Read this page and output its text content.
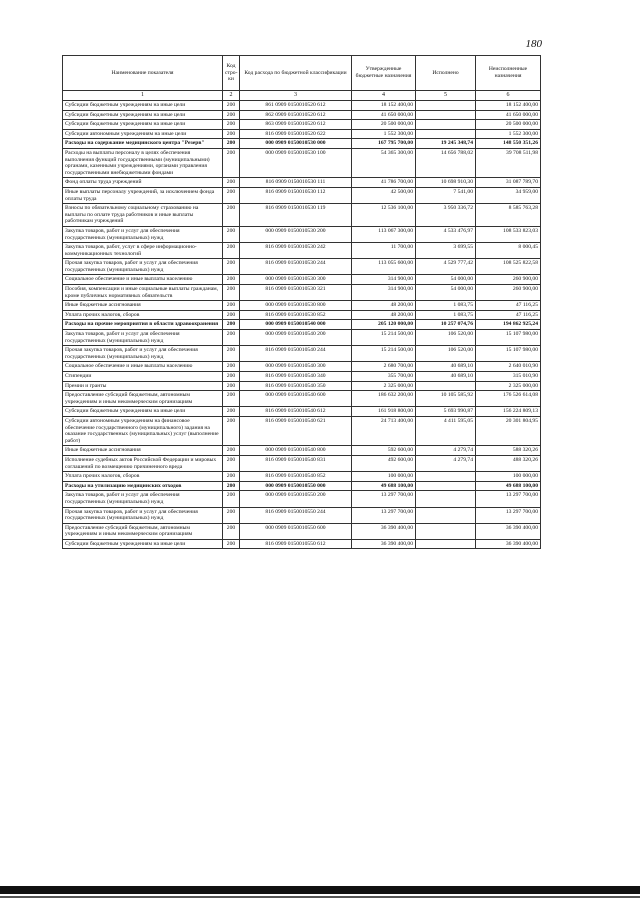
180
Наименование показателя	Код стро-ки	Код расхода по бюджетной классификации	Утвержденные бюджетные назначения	Исполнено	Неисполненные назначения
1	2	3	4	5	6
Субсидии бюджетным учреждениям на иные цели	200	861 0909 0150010520 612	18 152 400,00		18 152 400,00
Субсидии бюджетным учреждениям на иные цели	200	862 0909 0150010520 612	41 650 000,00		41 650 000,00
Субсидии бюджетным учреждениям на иные цели	200	863 0909 0150010520 612	20 500 000,00		20 500 000,00
Субсидии автономным учреждениям на иные цели	200	816 0909 0150010520 622	1 552 300,00		1 552 300,00
Расходы на содержание медицинского центра "Резерв"	200	000 0909 0150010530 000	167 795 700,00	19 245 348,74	148 550 351,26
Расходы на выплаты персоналу в целях обеспечения выполнения функций государственными (муниципальными) органами, казенными учреждениями, органами управления государственными внебюджетными фондами	200	000 0909 0150010530 100	54 365 300,00	14 656 788,02	39 708 511,98
Фонд оплаты труда учреждений	200	816 0909 0150010530 111	41 786 700,00	10 698 910,30	31 087 789,70
Иные выплаты персоналу учреждений, за исключением фонда оплаты труда	200	816 0909 0150010530 112	42 500,00	7 541,00	34 959,00
Взносы по обязательному социальному страхованию на выплаты по оплате труда работников и иные выплаты работникам учреждений	200	816 0909 0150010530 119	12 536 100,00	3 950 336,72	8 585 763,28
Закупка товаров, работ и услуг для обеспечения государственных (муниципальных) нужд	200	000 0909 0150010530 200	113 067 300,00	4 533 476,97	108 533 823,03
Закупка товаров, работ, услуг в сфере информационно-коммуникационных технологий	200	816 0909 0150010530 242	11 700,00	3 699,55	8 000,45
Прочая закупка товаров, работ и услуг для обеспечения государственных (муниципальных) нужд	200	816 0909 0150010530 244	113 055 600,00	4 529 777,42	108 525 822,58
Социальное обеспечение и иные выплаты населению	200	000 0909 0150010530 300	314 900,00	54 000,00	260 900,00
Пособия, компенсации и иные социальные выплаты гражданам, кроме публичных нормативных обязательств	200	816 0909 0150010530 321	314 900,00	54 000,00	260 900,00
Иные бюджетные ассигнования	200	000 0909 0150010530 800	48 200,00	1 083,75	47 116,25
Уплата прочих налогов, сборов	200	816 0909 0150010530 852	48 200,00	1 083,75	47 116,25
Расходы на прочие мероприятия в области здравоохранения	200	000 0909 0150010540 000	205 120 000,00	10 257 074,76	194 862 925,24
Закупка товаров, работ и услуг для обеспечения государственных (муниципальных) нужд	200	000 0909 0150010540 200	15 214 500,00	106 520,00	15 107 980,00
Прочая закупка товаров, работ и услуг для обеспечения государственных (муниципальных) нужд	200	816 0909 0150010540 244	15 214 500,00	106 520,00	15 107 980,00
Социальное обеспечение и иные выплаты населению	200	000 0909 0150010540 300	2 680 700,00	40 689,10	2 640 010,90
Стипендии	200	816 0909 0150010540 340	355 700,00	40 689,10	315 010,90
Премии и гранты	200	816 0909 0150010540 350	2 325 000,00		2 325 000,00
Предоставление субсидий бюджетным, автономным учреждениям и иным некоммерческим организациям	200	000 0909 0150010540 600	186 632 200,00	10 105 585,92	176 526 614,08
Субсидии бюджетным учреждениям на иные цели	200	816 0909 0150010540 612	161 918 800,00	5 693 990,87	156 224 809,13
Субсидии автономным учреждениям на финансовое обеспечение государственного (муниципального) задания на оказание государственных (муниципальных) услуг (выполнение работ)	200	816 0909 0150010540 621	24 713 400,00	4 411 595,05	20 301 804,95
Иные бюджетные ассигнования	200	000 0909 0150010540 800	592 600,00	4 279,74	588 320,26
Исполнение судебных актов Российской Федерации и мировых соглашений по возмещению причиненного вреда	200	816 0909 0150010540 831	492 600,00	4 279,74	488 320,26
Уплата прочих налогов, сборов	200	816 0909 0150010540 852	100 000,00		100 000,00
Расходы на утилизацию медицинских отходов	200	000 0909 0150010550 000	49 688 100,00		49 688 100,00
Закупка товаров, работ и услуг для обеспечения государственных (муниципальных) нужд	200	000 0909 0150010550 200	13 297 700,00		13 297 700,00
Прочая закупка товаров, работ и услуг для обеспечения государственных (муниципальных) нужд	200	816 0909 0150010550 244	13 297 700,00		13 297 700,00
Предоставление субсидий бюджетным, автономным учреждениям и иным некоммерческим организациям	200	000 0909 0150010550 600	36 390 400,00		36 390 400,00
Субсидии бюджетным учреждениям на иные цели	200	816 0909 0150010550 612	36 390 400,00		36 390 400,00
